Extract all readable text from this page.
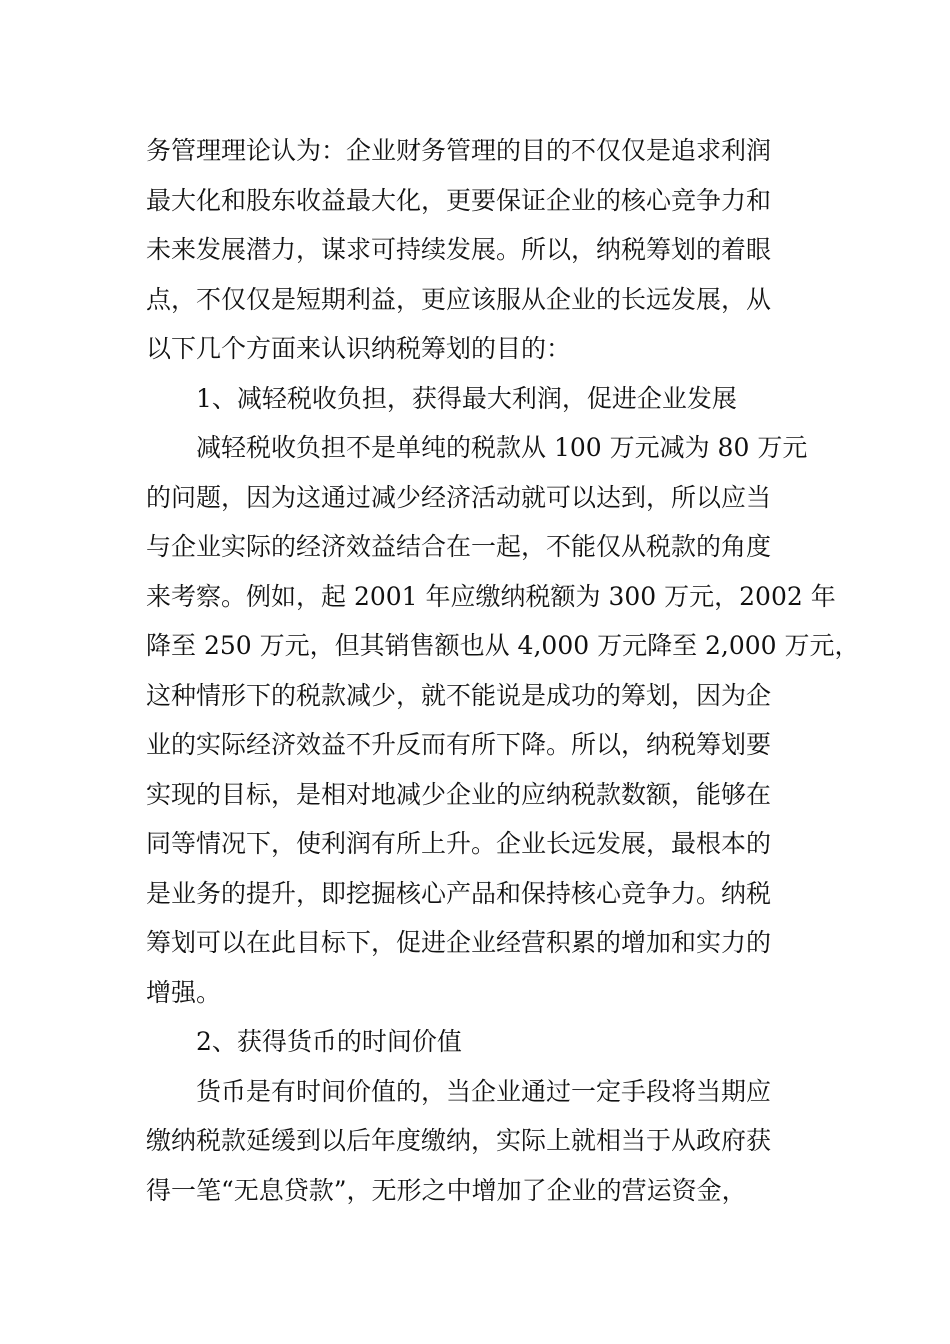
务管理理论认为：企业财务管理的目的不仅仅是追求利润
最大化和股东收益最大化，更要保证企业的核心竞争力和
未来发展潜力，谋求可持续发展。所以，纳税筹划的着眼
点，不仅仅是短期利益，更应该服从企业的长远发展，从
以下几个方面来认识纳税筹划的目的：
1、减轻税收负担，获得最大利润，促进企业发展
减轻税收负担不是单纯的税款从 100 万元减为 80 万元
的问题，因为这通过减少经济活动就可以达到，所以应当
与企业实际的经济效益结合在一起，不能仅从税款的角度
来考察。例如，起 2001 年应缴纳税额为 300 万元，2002 年
降至 250 万元，但其销售额也从 4,000 万元降至 2,000 万元，
这种情形下的税款减少，就不能说是成功的筹划，因为企
业的实际经济效益不升反而有所下降。所以，纳税筹划要
实现的目标，是相对地减少企业的应纳税款数额，能够在
同等情况下，使利润有所上升。企业长远发展，最根本的
是业务的提升，即挖掘核心产品和保持核心竞争力。纳税
筹划可以在此目标下，促进企业经营积累的增加和实力的
增强。
2、获得货币的时间价值
货币是有时间价值的，当企业通过一定手段将当期应
缴纳税款延缓到以后年度缴纳，实际上就相当于从政府获
得一笔“无息贷款”，无形之中增加了企业的营运资金，
